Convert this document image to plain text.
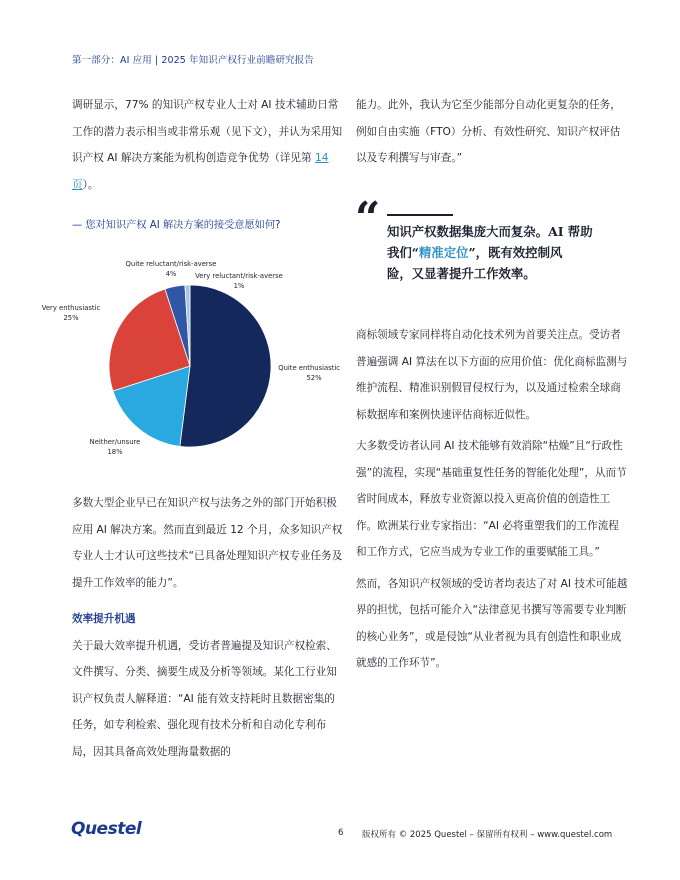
第一部分：AI 应用 | 2025 年知识产权行业前瞻研究报告

调研显示，77% 的知识产权专业人士对 AI 技术辅助日常工作的潜力表示相当或非常乐观（见下文），并认为采用知识产权 AI 解决方案能为机构创造竞争优势（详见第 14 页）。

— 您对知识产权 AI 解决方案的接受意愿如何?
Quite enthusiastic
52%
Neither/unsure
18%
Very enthusiastic
25%
Quite reluctant/risk-averse
4%	Very reluctant/risk-averse
1%

多数大型企业早已在知识产权与法务之外的部门开始积极应用 AI 解决方案。然而直到最近 12 个月，众多知识产权专业人士才认可这些技术“已具备处理知识产权专业任务及提升工作效率的能力”。

效率提升机遇

关于最大效率提升机遇，受访者普遍提及知识产权检索、文件撰写、分类、摘要生成及分析等领域。某化工行业知识产权负责人解释道：“AI 能有效支持耗时且数据密集的任务，如专利检索、强化现有技术分析和自动化专利布局，因其具备高效处理海量数据的

能力。此外，我认为它至少能部分自动化更复杂的任务，例如自由实施（FTO）分析、有效性研究、知识产权评估以及专利撰写与审查。”

“ 知识产权数据集庞大而复杂。AI 帮助
我们“精准定位”，既有效控制风
险，又显著提升工作效率。

商标领域专家同样将自动化技术列为首要关注点。受访者普遍强调 AI 算法在以下方面的应用价值：优化商标监测与维护流程、精准识别假冒侵权行为，以及通过检索全球商标数据库和案例快速评估商标近似性。

大多数受访者认同 AI 技术能够有效消除“枯燥”且“行政性强”的流程，实现“基础重复性任务的智能化处理”，从而节省时间成本，释放专业资源以投入更高价值的创造性工作。欧洲某行业专家指出：“AI 必将重塑我们的工作流程和工作方式，它应当成为专业工作的重要赋能工具。”

然而，各知识产权领域的受访者均表达了对 AI 技术可能越界的担忧，包括可能介入“法律意见书撰写等需要专业判断的核心业务”，或是侵蚀“从业者视为具有创造性和职业成就感的工作环节”。

Questel	6 版权所有 © 2025 Questel – 保留所有权利 – www.questel.com
